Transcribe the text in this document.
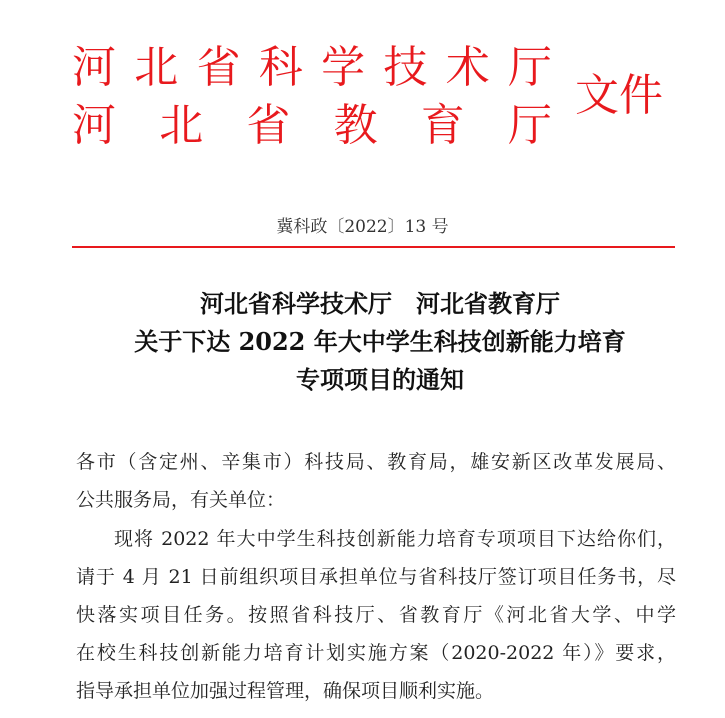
河 北 省 科 学 技 术 厅
河 北 省 教 育 厅
文件
冀科政〔2022〕13 号
河北省科学技术厅　河北省教育厅
关于下达 2022 年大中学生科技创新能力培育
专项项目的通知
各市（含定州、辛集市）科技局、教育局，雄安新区改革发展局、
公共服务局，有关单位：
现将 2022 年大中学生科技创新能力培育专项项目下达给你们，
请于 4 月 21 日前组织项目承担单位与省科技厅签订项目任务书，尽
快落实项目任务。按照省科技厅、省教育厅《河北省大学、中学
在校生科技创新能力培育计划实施方案（2020-2022 年）》要求，
指导承担单位加强过程管理，确保项目顺利实施。
